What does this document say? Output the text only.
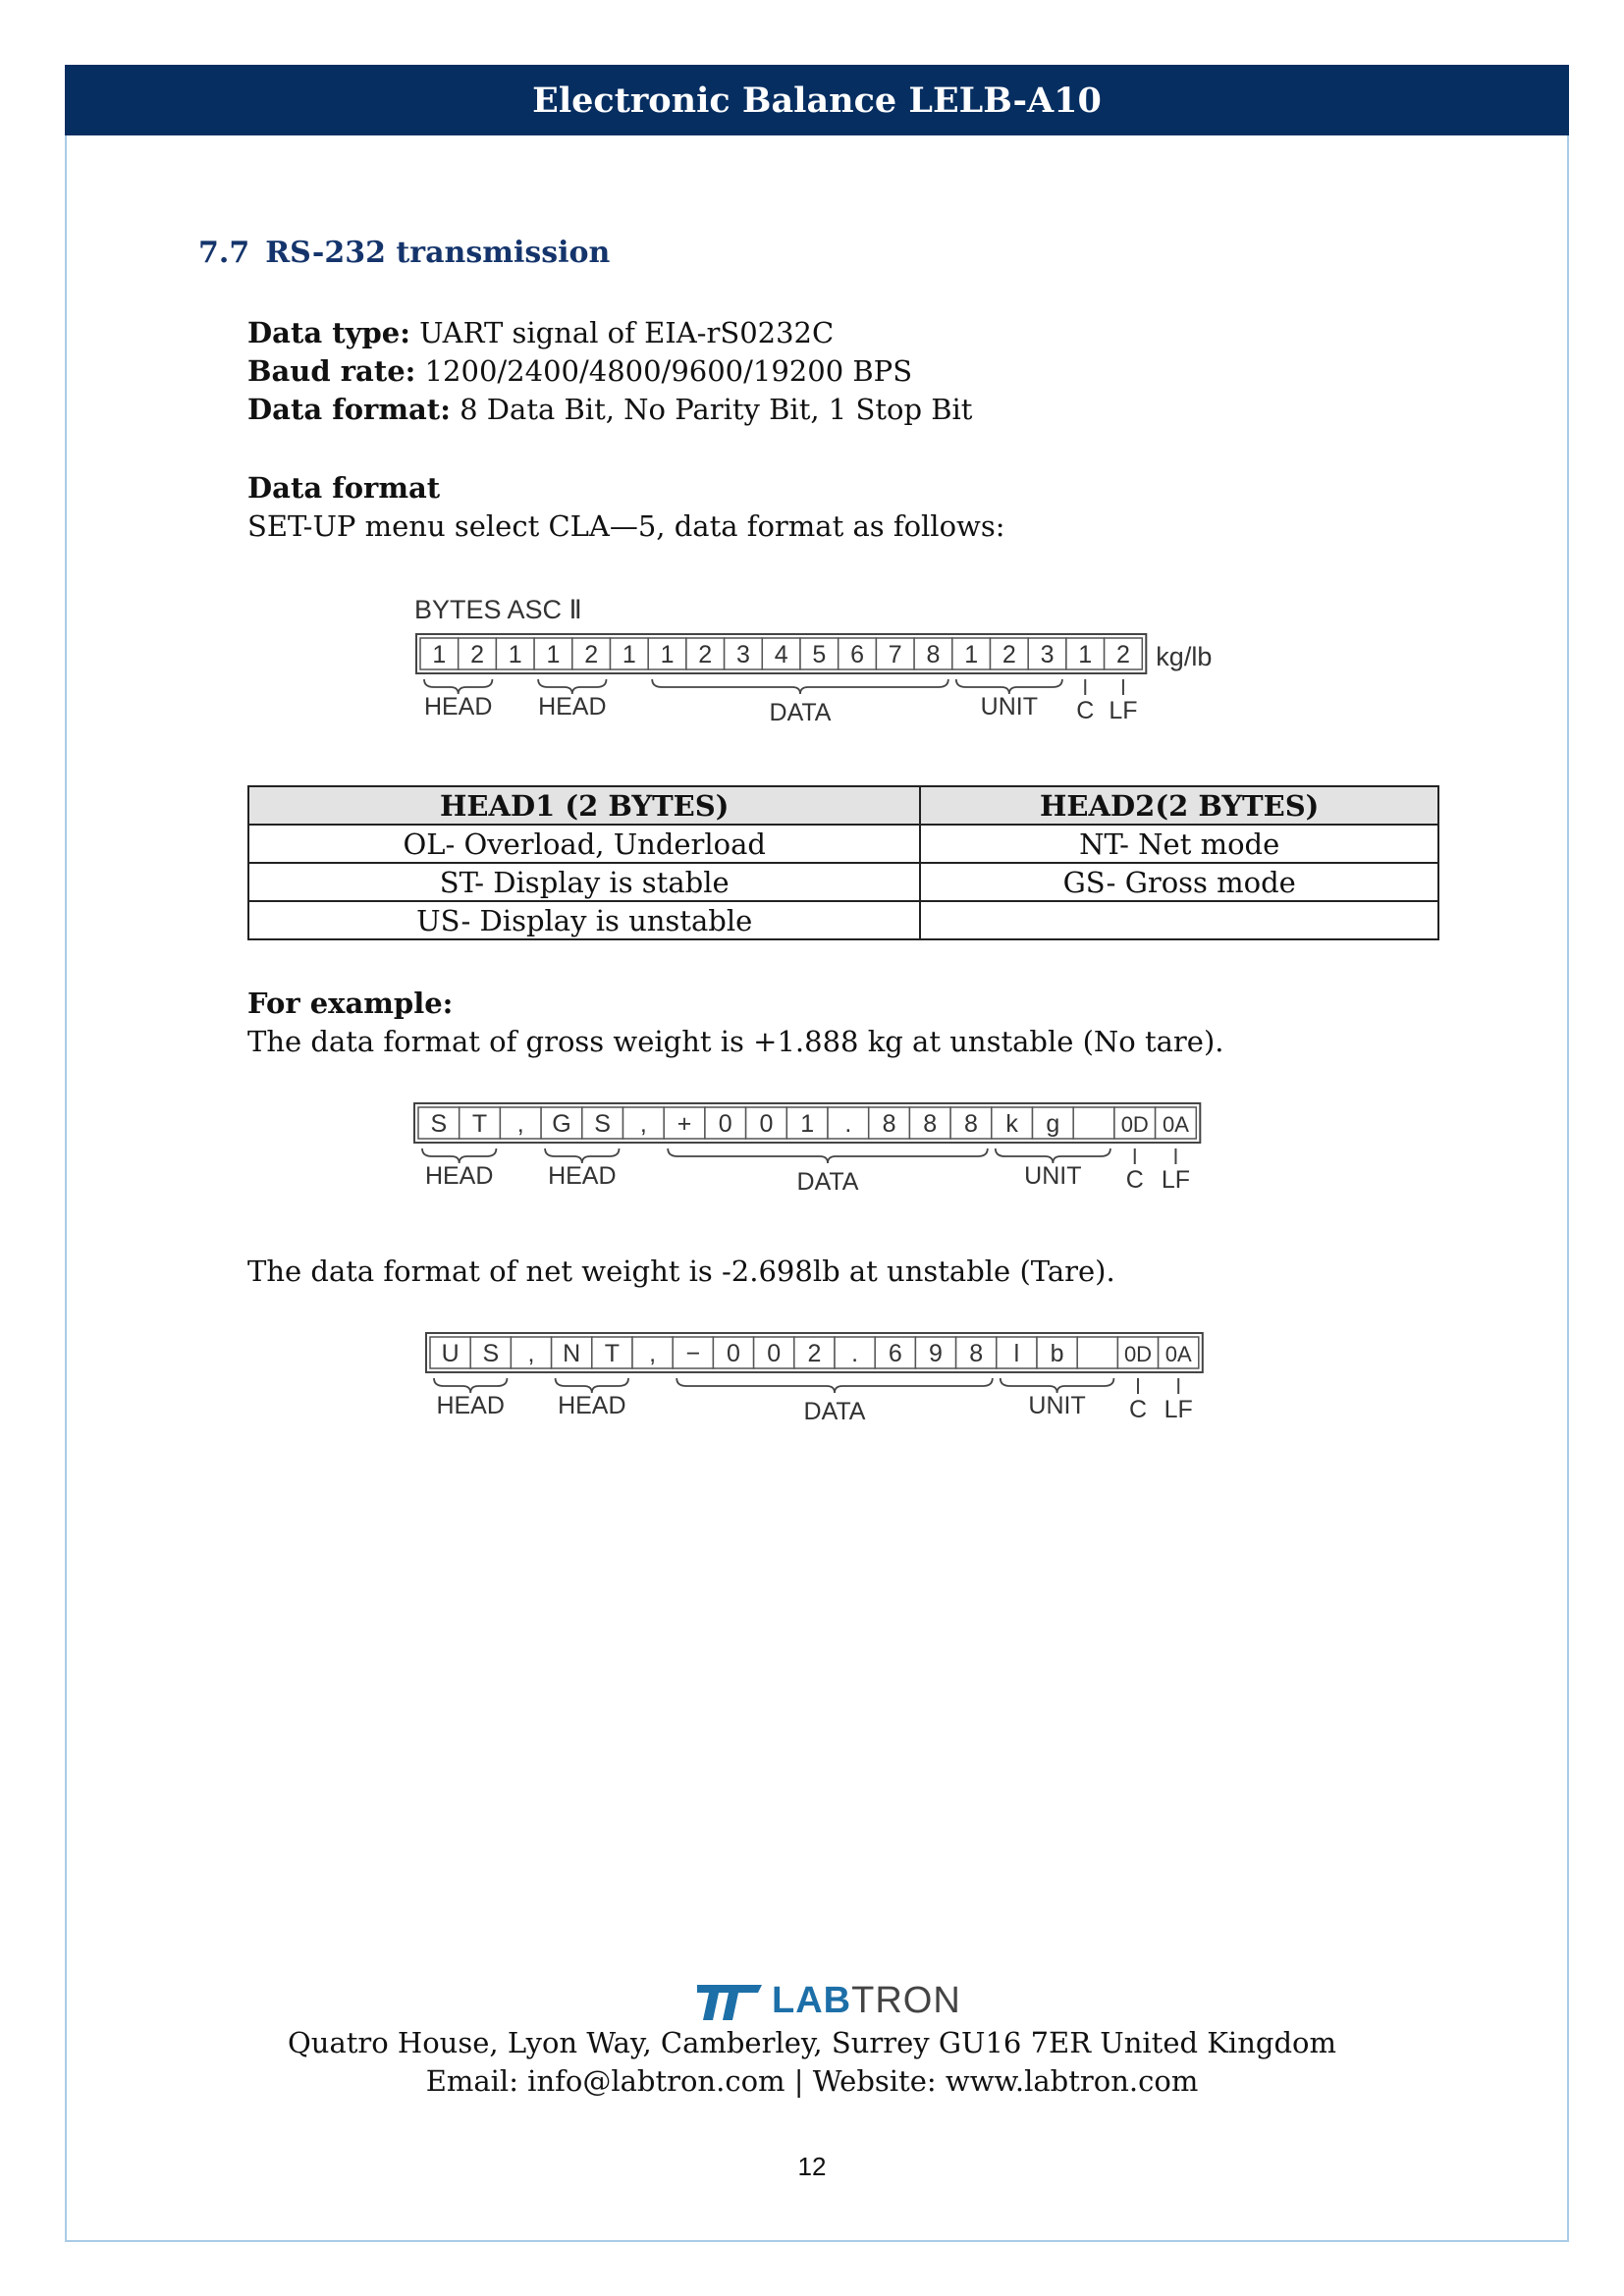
Electronic Balance LELB-A10
7.7 RS-232 transmission
Data type: UART signal of EIA-rS0232C
Baud rate: 1200/2400/4800/9600/19200 BPS
Data format: 8 Data Bit, No Parity Bit, 1 Stop Bit
Data format
SET-UP menu select CLA—5, data format as follows:
BYTES ASC Ⅱ
1 2 1 1 2 1 1 2 3 4 5 6 7 8 1 2 3 1 2 kg/lb
HEAD HEAD	DATA	UNIT C LF
HEAD1 (2 BYTES)	HEAD2(2 BYTES)
OL- Overload, Underload	NT- Net mode
ST- Display is stable	GS- Gross mode
US- Display is unstable	
For example:
The data format of gross weight is +1.888 kg at unstable (No tare).
S T , G S , + 0 0 1 . 8 8 8 k g	0D 0A
HEAD HEAD	DATA	UNIT C LF
The data format of net weight is -2.698lb at unstable (Tare).
U S , N T , − 0 0 2 . 6 9 8 l b	0D 0A
HEAD HEAD	DATA	UNIT C LF
LABTRON
Quatro House, Lyon Way, Camberley, Surrey GU16 7ER United Kingdom
Email: info@labtron.com | Website: www.labtron.com
12
